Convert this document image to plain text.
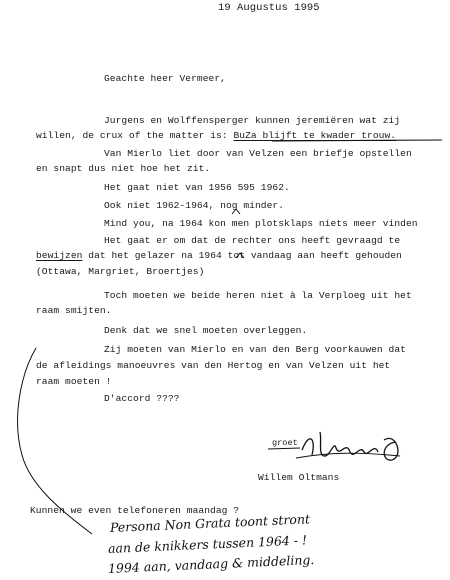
19 Augustus 1995
Geachte heer Vermeer,
Jurgens en Wolffensperger kunnen jeremiëren wat zij
willen, de crux of the matter is: BuZa blijft te kwader trouw.
Van Mierlo liet door van Velzen een briefje opstellen
en snapt dus niet hoe het zit.
Het gaat niet van 1956 595 1962.
Ook niet 1962-1964, nog minder.
Mind you, na 1964 kon men plotsklaps niets meer vinden
Het gaat er om dat de rechter ons heeft gevraagd te
bewijzen dat het gelazer na 1964 tot vandaag aan heeft gehouden
(Ottawa, Margriet, Broertjes)
Toch moeten we beide heren niet à la Verploeg uit het
raam smijten.
Denk dat we snel moeten overleggen.
Zij moeten van Mierlo en van den Berg voorkauwen dat
de afleidings manoeuvres van den Hertog en van Velzen uit het
raam moeten !
D'accord ????
groet
Willem Oltmans
Kunnen we even telefoneren maandag ?
Persona Non Grata toont stront
aan de knikkers tussen 1964 - !
1994 aan, vandaag & middeling.
